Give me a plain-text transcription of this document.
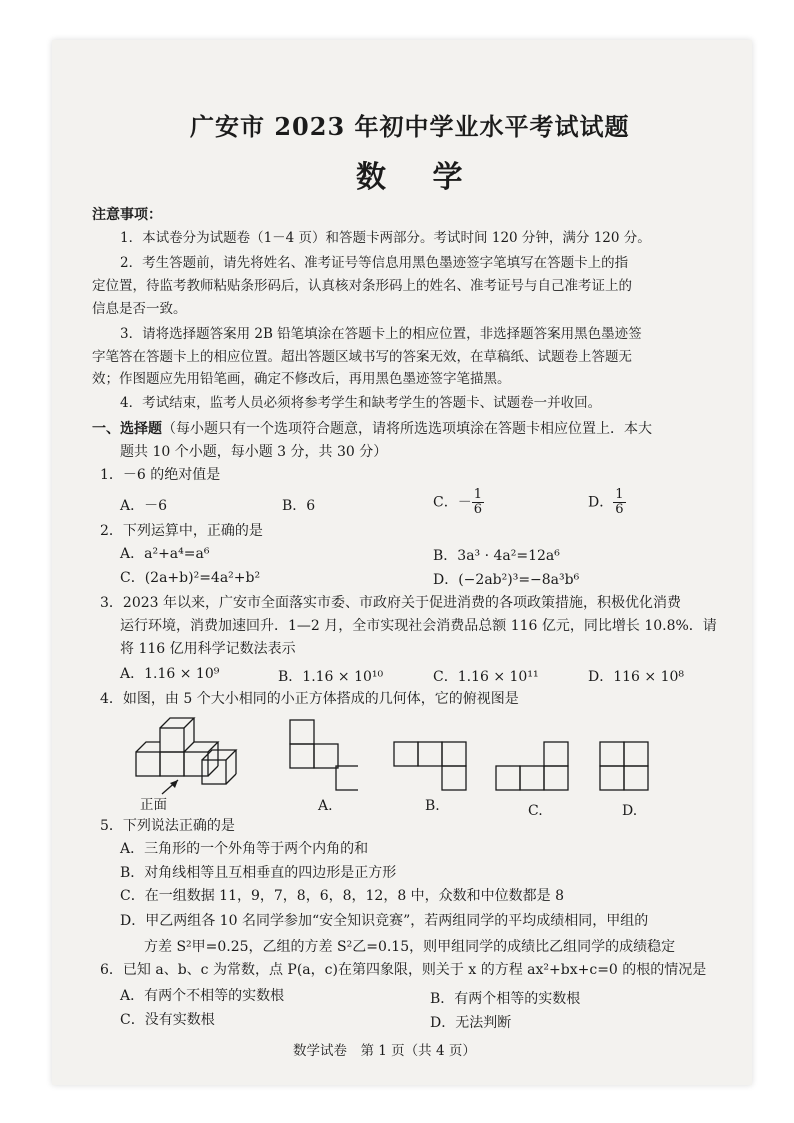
广安市 2023 年初中学业水平考试试题
数 学
注意事项：
1．本试卷分为试题卷（1－4 页）和答题卡两部分。考试时间 120 分钟，满分 120 分。
2．考生答题前，请先将姓名、准考证号等信息用黑色墨迹签字笔填写在答题卡上的指
定位置，待监考教师粘贴条形码后，认真核对条形码上的姓名、准考证号与自己准考证上的
信息是否一致。
3．请将选择题答案用 2B 铅笔填涂在答题卡上的相应位置，非选择题答案用黑色墨迹签
字笔答在答题卡上的相应位置。超出答题区域书写的答案无效，在草稿纸、试题卷上答题无
效；作图题应先用铅笔画，确定不修改后，再用黑色墨迹签字笔描黑。
4．考试结束，监考人员必须将参考学生和缺考学生的答题卡、试题卷一并收回。
一、选择题（每小题只有一个选项符合题意，请将所选选项填涂在答题卡相应位置上．本大
题共 10 个小题，每小题 3 分，共 30 分）
1．－6 的绝对值是
A．－6	B．6	C．－ $\frac{1}{6}$	D． $\frac{1}{6}$
2．下列运算中，正确的是
A．a²+a⁴=a⁶	B．3a³ · 4a²=12a⁶
C．(2a+b)²=4a²+b²	D．(−2ab²)³=−8a³b⁶
3．2023 年以来，广安市全面落实市委、市政府关于促进消费的各项政策措施，积极优化消费
运行环境，消费加速回升．1—2 月，全市实现社会消费品总额 116 亿元，同比增长 10.8%．请
将 116 亿用科学记数法表示
A．1.16 × 10⁹	B．1.16 × 10¹⁰	C．1.16 × 10¹¹	D．116 × 10⁸
4．如图，由 5 个大小相同的小正方体搭成的几何体，它的俯视图是
正面	A.	B.	C.	D.
5．下列说法正确的是
A．三角形的一个外角等于两个内角的和
B．对角线相等且互相垂直的四边形是正方形
C．在一组数据 11，9，7，8，6，8，12，8 中，众数和中位数都是 8
D．甲乙两组各 10 名同学参加“安全知识竞赛”，若两组同学的平均成绩相同，甲组的
方差 S²甲=0.25，乙组的方差 S²乙=0.15，则甲组同学的成绩比乙组同学的成绩稳定
6．已知 a、b、c 为常数，点 P(a，c)在第四象限，则关于 x 的方程 ax²+bx+c=0 的根的情况是
A．有两个不相等的实数根	B．有两个相等的实数根
C．没有实数根	D．无法判断
数学试卷　第 1 页（共 4 页）
